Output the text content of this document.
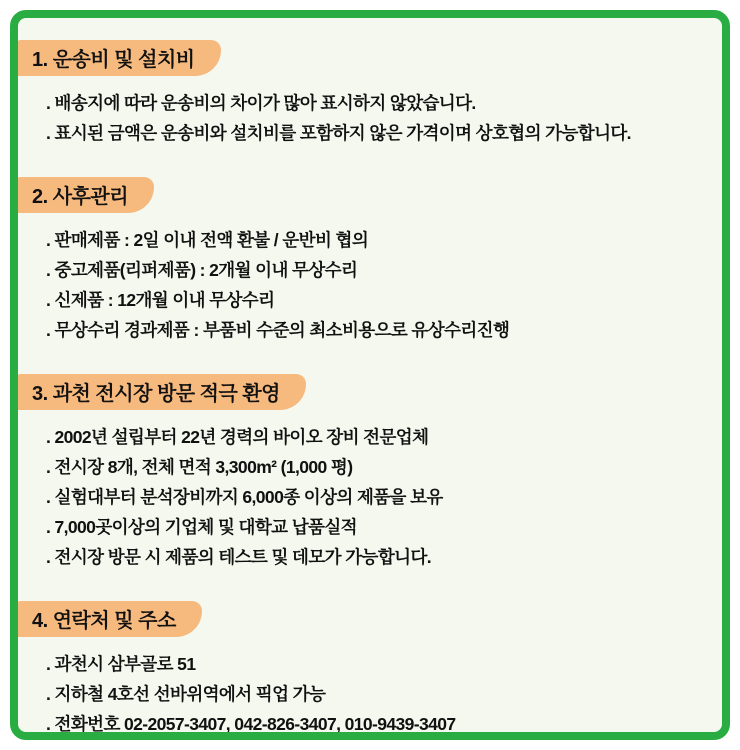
1. 운송비 및 설치비

. 배송지에 따라 운송비의 차이가 많아 표시하지 않았습니다.

. 표시된 금액은 운송비와 설치비를 포함하지 않은 가격이며 상호협의 가능합니다.

2. 사후관리

. 판매제품 : 2일 이내 전액 환불 / 운반비 협의

. 중고제품(리퍼제품) : 2개월 이내 무상수리

. 신제품 : 12개월 이내 무상수리

. 무상수리 경과제품 : 부품비 수준의 최소비용으로 유상수리진행

3. 과천 전시장 방문 적극 환영

. 2002년 설립부터 22년 경력의 바이오 장비 전문업체

. 전시장 8개, 전체 면적 3,300m² (1,000 평)

. 실험대부터 분석장비까지 6,000종 이상의 제품을 보유

. 7,000곳이상의 기업체 및 대학교 납품실적

. 전시장 방문 시 제품의 테스트 및 데모가 가능합니다.

4. 연락처 및 주소

. 과천시 삼부골로 51

. 지하철 4호선 선바위역에서 픽업 가능

. 전화번호 02-2057-3407, 042-826-3407, 010-9439-3407
